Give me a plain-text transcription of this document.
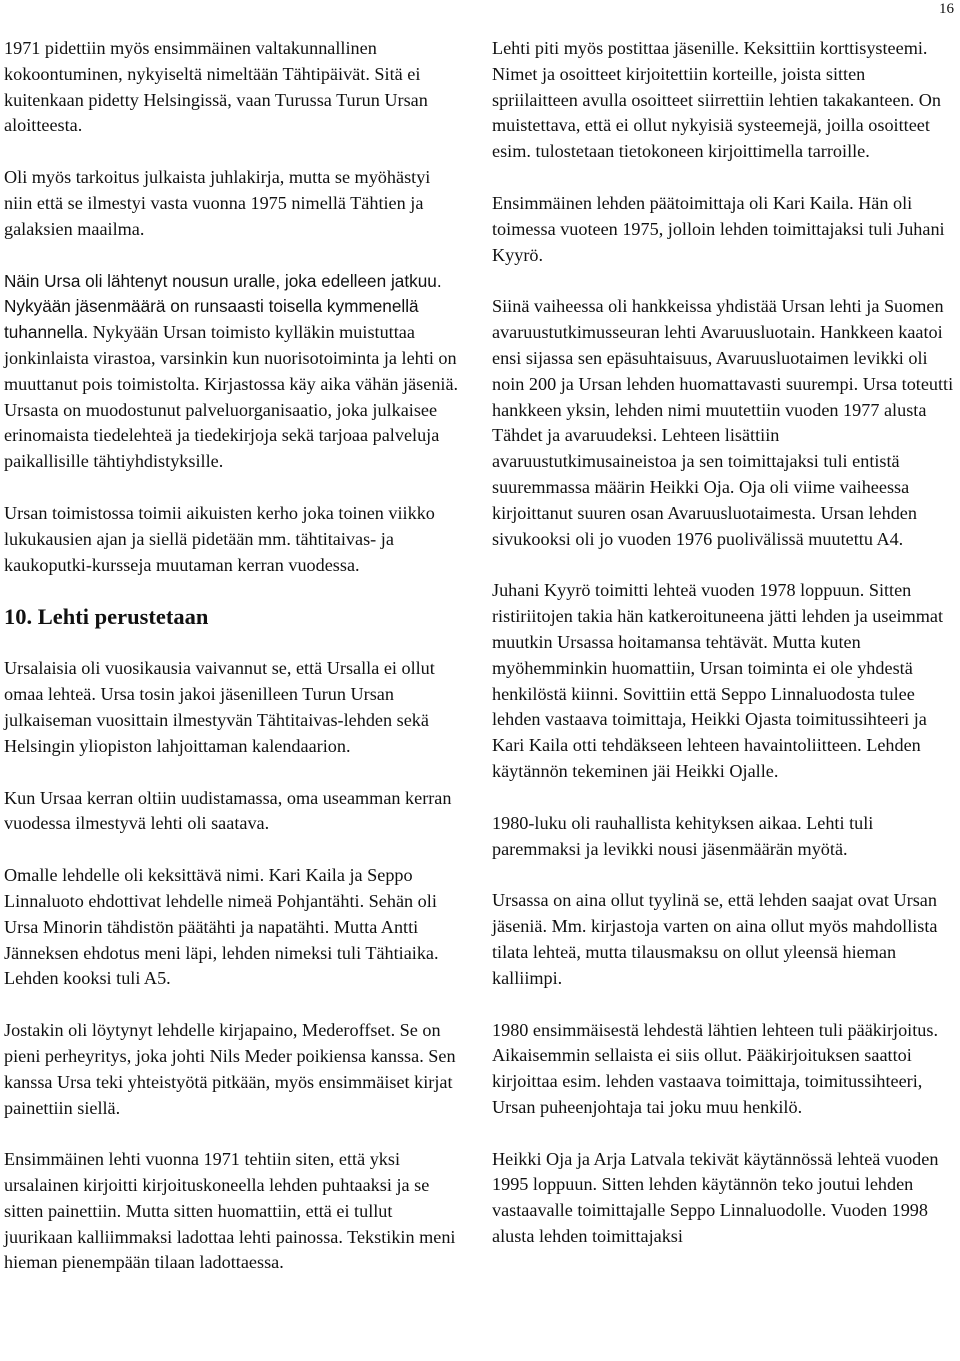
16

1971 pidettiin myös ensimmäinen valtakunnallinen kokoontuminen, nykyiseltä nimeltään Tähtipäivät. Sitä ei kuitenkaan pidetty Helsingissä, vaan Turussa Turun Ursan aloitteesta.

Oli myös tarkoitus julkaista juhlakirja, mutta se myöhästyi niin että se ilmestyi vasta vuonna 1975 nimellä Tähtien ja galaksien maailma.

Näin Ursa oli lähtenyt nousun uralle, joka edelleen jatkuu. Nykyään jäsenmäärä on runsaasti toisella kymmenellä tuhannella. Nykyään Ursan toimisto kylläkin muistuttaa jonkinlaista virastoa, varsinkin kun nuorisotoiminta ja lehti on muuttanut pois toimistolta. Kirjastossa käy aika vähän jäseniä. Ursasta on muodostunut palveluorganisaatio, joka julkaisee erinomaista tiedelehteä ja tiedekirjoja sekä tarjoaa palveluja paikallisille tähtiyhdistyksille.

Ursan toimistossa toimii aikuisten kerho joka toinen viikko lukukausien ajan ja siellä pidetään mm. tähtitaivas- ja kaukoputki-kursseja muutaman kerran vuodessa.

10. Lehti perustetaan

Ursalaisia oli vuosikausia vaivannut se, että Ursalla ei ollut omaa lehteä. Ursa tosin jakoi jäsenilleen Turun Ursan julkaiseman vuosittain ilmestyvän Tähtitaivas-lehden sekä Helsingin yliopiston lahjoittaman kalendaarion.

Kun Ursaa kerran oltiin uudistamassa, oma useamman kerran vuodessa ilmestyvä lehti oli saatava.

Omalle lehdelle oli keksittävä nimi. Kari Kaila ja Seppo Linnaluoto ehdottivat lehdelle nimeä Pohjantähti. Sehän oli Ursa Minorin tähdistön päätähti ja napatähti. Mutta Antti Jänneksen ehdotus meni läpi, lehden nimeksi tuli Tähtiaika. Lehden kooksi tuli A5.

Jostakin oli löytynyt lehdelle kirjapaino, Mederoffset. Se on pieni perheyritys, joka johti Nils Meder poikiensa kanssa. Sen kanssa Ursa teki yhteistyötä pitkään, myös ensimmäiset kirjat painettiin siellä.

Ensimmäinen lehti vuonna 1971 tehtiin siten, että yksi ursalainen kirjoitti kirjoituskoneella lehden puhtaaksi ja se sitten painettiin. Mutta sitten huomattiin, että ei tullut juurikaan kalliimmaksi ladottaa lehti painossa. Tekstikin meni hieman pienempään tilaan ladottaessa.

Lehti piti myös postittaa jäsenille. Keksittiin korttisysteemi. Nimet ja osoitteet kirjoitettiin korteille, joista sitten spriilaitteen avulla osoitteet siirrettiin lehtien takakanteen. On muistettava, että ei ollut nykyisiä systeemejä, joilla osoitteet esim. tulostetaan tietokoneen kirjoittimella tarroille.

Ensimmäinen lehden päätoimittaja oli Kari Kaila. Hän oli toimessa vuoteen 1975, jolloin lehden toimittajaksi tuli Juhani Kyyrö.

Siinä vaiheessa oli hankkeissa yhdistää Ursan lehti ja Suomen avaruustutkimusseuran lehti Avaruusluotain. Hankkeen kaatoi ensi sijassa sen epäsuhtaisuus, Avaruusluotaimen levikki oli noin 200 ja Ursan lehden huomattavasti suurempi. Ursa toteutti hankkeen yksin, lehden nimi muutettiin vuoden 1977 alusta Tähdet ja avaruudeksi. Lehteen lisättiin avaruustutkimusaineistoa ja sen toimittajaksi tuli entistä suuremmassa määrin Heikki Oja. Oja oli viime vaiheessa kirjoittanut suuren osan Avaruusluotaimesta. Ursan lehden sivukooksi oli jo vuoden 1976 puolivälissä muutettu A4.

Juhani Kyyrö toimitti lehteä vuoden 1978 loppuun. Sitten ristiriitojen takia hän katkeroituneena jätti lehden ja useimmat muutkin Ursassa hoitamansa tehtävät. Mutta kuten myöhemminkin huomattiin, Ursan toiminta ei ole yhdestä henkilöstä kiinni. Sovittiin että Seppo Linnaluodosta tulee lehden vastaava toimittaja, Heikki Ojasta toimitussihteeri ja Kari Kaila otti tehdäkseen lehteen havaintoliitteen. Lehden käytännön tekeminen jäi Heikki Ojalle.

1980-luku oli rauhallista kehityksen aikaa. Lehti tuli paremmaksi ja levikki nousi jäsenmäärän myötä.

Ursassa on aina ollut tyylinä se, että lehden saajat ovat Ursan jäseniä. Mm. kirjastoja varten on aina ollut myös mahdollista tilata lehteä, mutta tilausmaksu on ollut yleensä hieman kalliimpi.

1980 ensimmäisestä lehdestä lähtien lehteen tuli pääkirjoitus. Aikaisemmin sellaista ei siis ollut. Pääkirjoituksen saattoi kirjoittaa esim. lehden vastaava toimittaja, toimitussihteeri, Ursan puheenjohtaja tai joku muu henkilö.

Heikki Oja ja Arja Latvala tekivät käytännössä lehteä vuoden 1995 loppuun. Sitten lehden käytännön teko joutui lehden vastaavalle toimittajalle Seppo Linnaluodolle. Vuoden 1998 alusta lehden toimittajaksi
